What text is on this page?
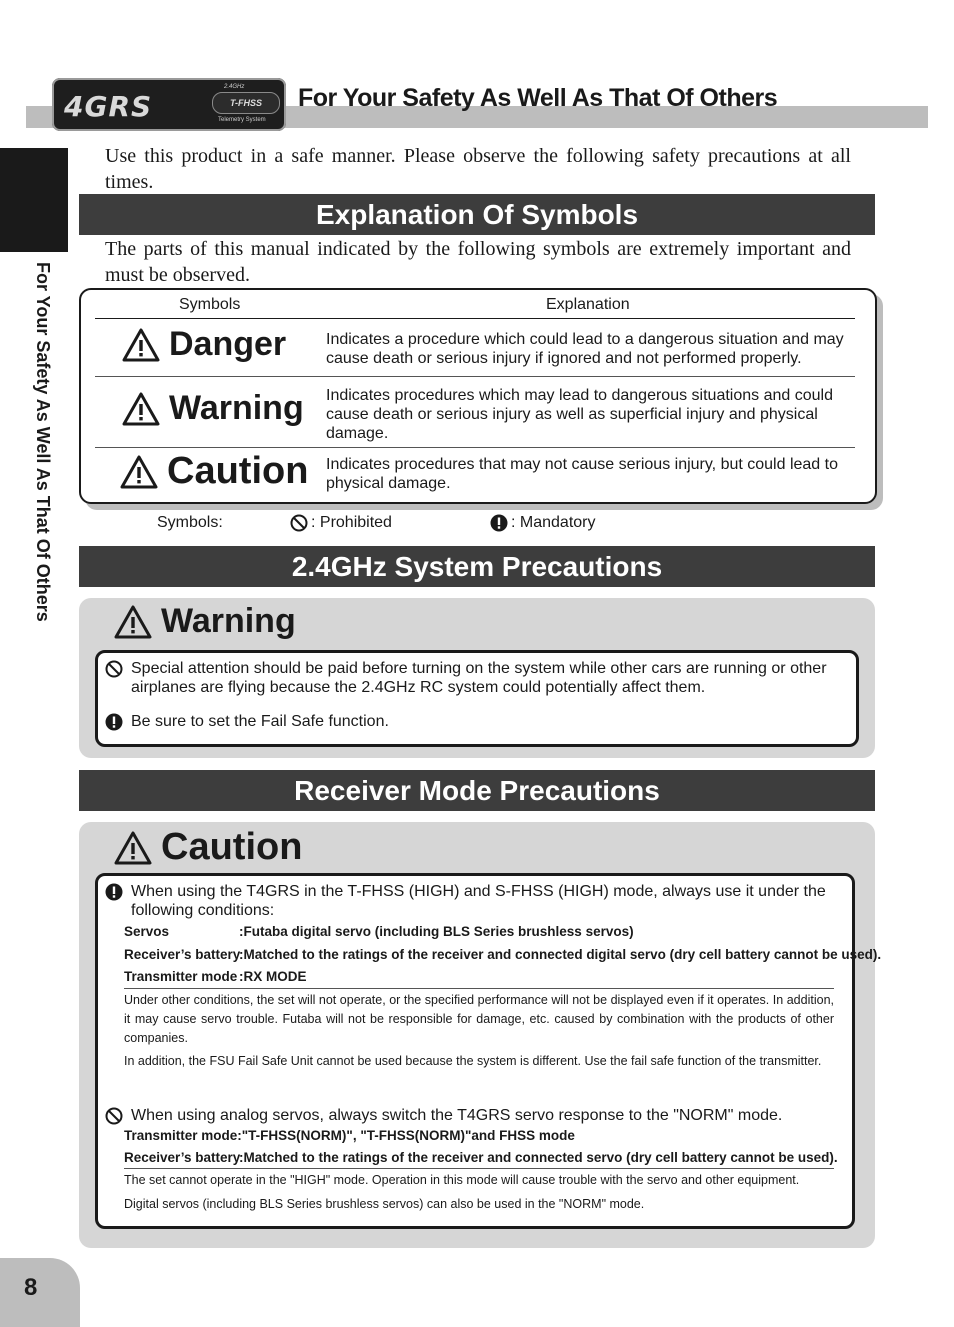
4GRS
2.4GHz
T-FHSS
Telemetry System
For Your Safety As Well As That Of Others
For Your Safety As Well As That Of Others
Use this product in a safe manner. Please observe the following safety precautions at all times.
Explanation Of Symbols
The parts of this manual indicated by the following symbols are extremely important and must be observed.
Symbols	Explanation
Danger Indicates a procedure which could lead to a dangerous situation and may cause death or serious injury if ignored and not performed properly.
Warning Indicates procedures which may lead to dangerous situations and could cause death or serious injury as well as superficial injury and physical damage.
Caution Indicates procedures that may not cause serious injury, but could lead to physical damage.
Symbols:	: Prohibited	: Mandatory
2.4GHz System Precautions
Warning
Special attention should be paid before turning on the system while other cars are running or other airplanes are flying because the 2.4GHz RC system could potentially affect them.
Be sure to set the Fail Safe function.
Receiver Mode Precautions
Caution
When using the T4GRS in the T-FHSS (HIGH) and S-FHSS (HIGH) mode, always use it under the following conditions:
Servos	:Futaba digital servo (including BLS Series brushless servos)
Receiver’s battery:Matched to the ratings of the receiver and connected digital servo (dry cell battery cannot be used).
Transmitter mode :RX MODE
Under other conditions, the set will not operate, or the specified performance will not be displayed even if it operates. In addition, it may cause servo trouble. Futaba will not be responsible for damage, etc. caused by combination with the products of other companies.
In addition, the FSU Fail Safe Unit cannot be used because the system is different. Use the fail safe function of the transmitter.
When using analog servos, always switch the T4GRS servo response to the "NORM" mode.
Transmitter mode:"T-FHSS(NORM)", "T-FHSS(NORM)"and FHSS mode
Receiver’s battery:Matched to the ratings of the receiver and connected servo (dry cell battery cannot be used).
The set cannot operate in the "HIGH" mode. Operation in this mode will cause trouble with the servo and other equipment.
Digital servos (including BLS Series brushless servos) can also be used in the "NORM" mode.
8
